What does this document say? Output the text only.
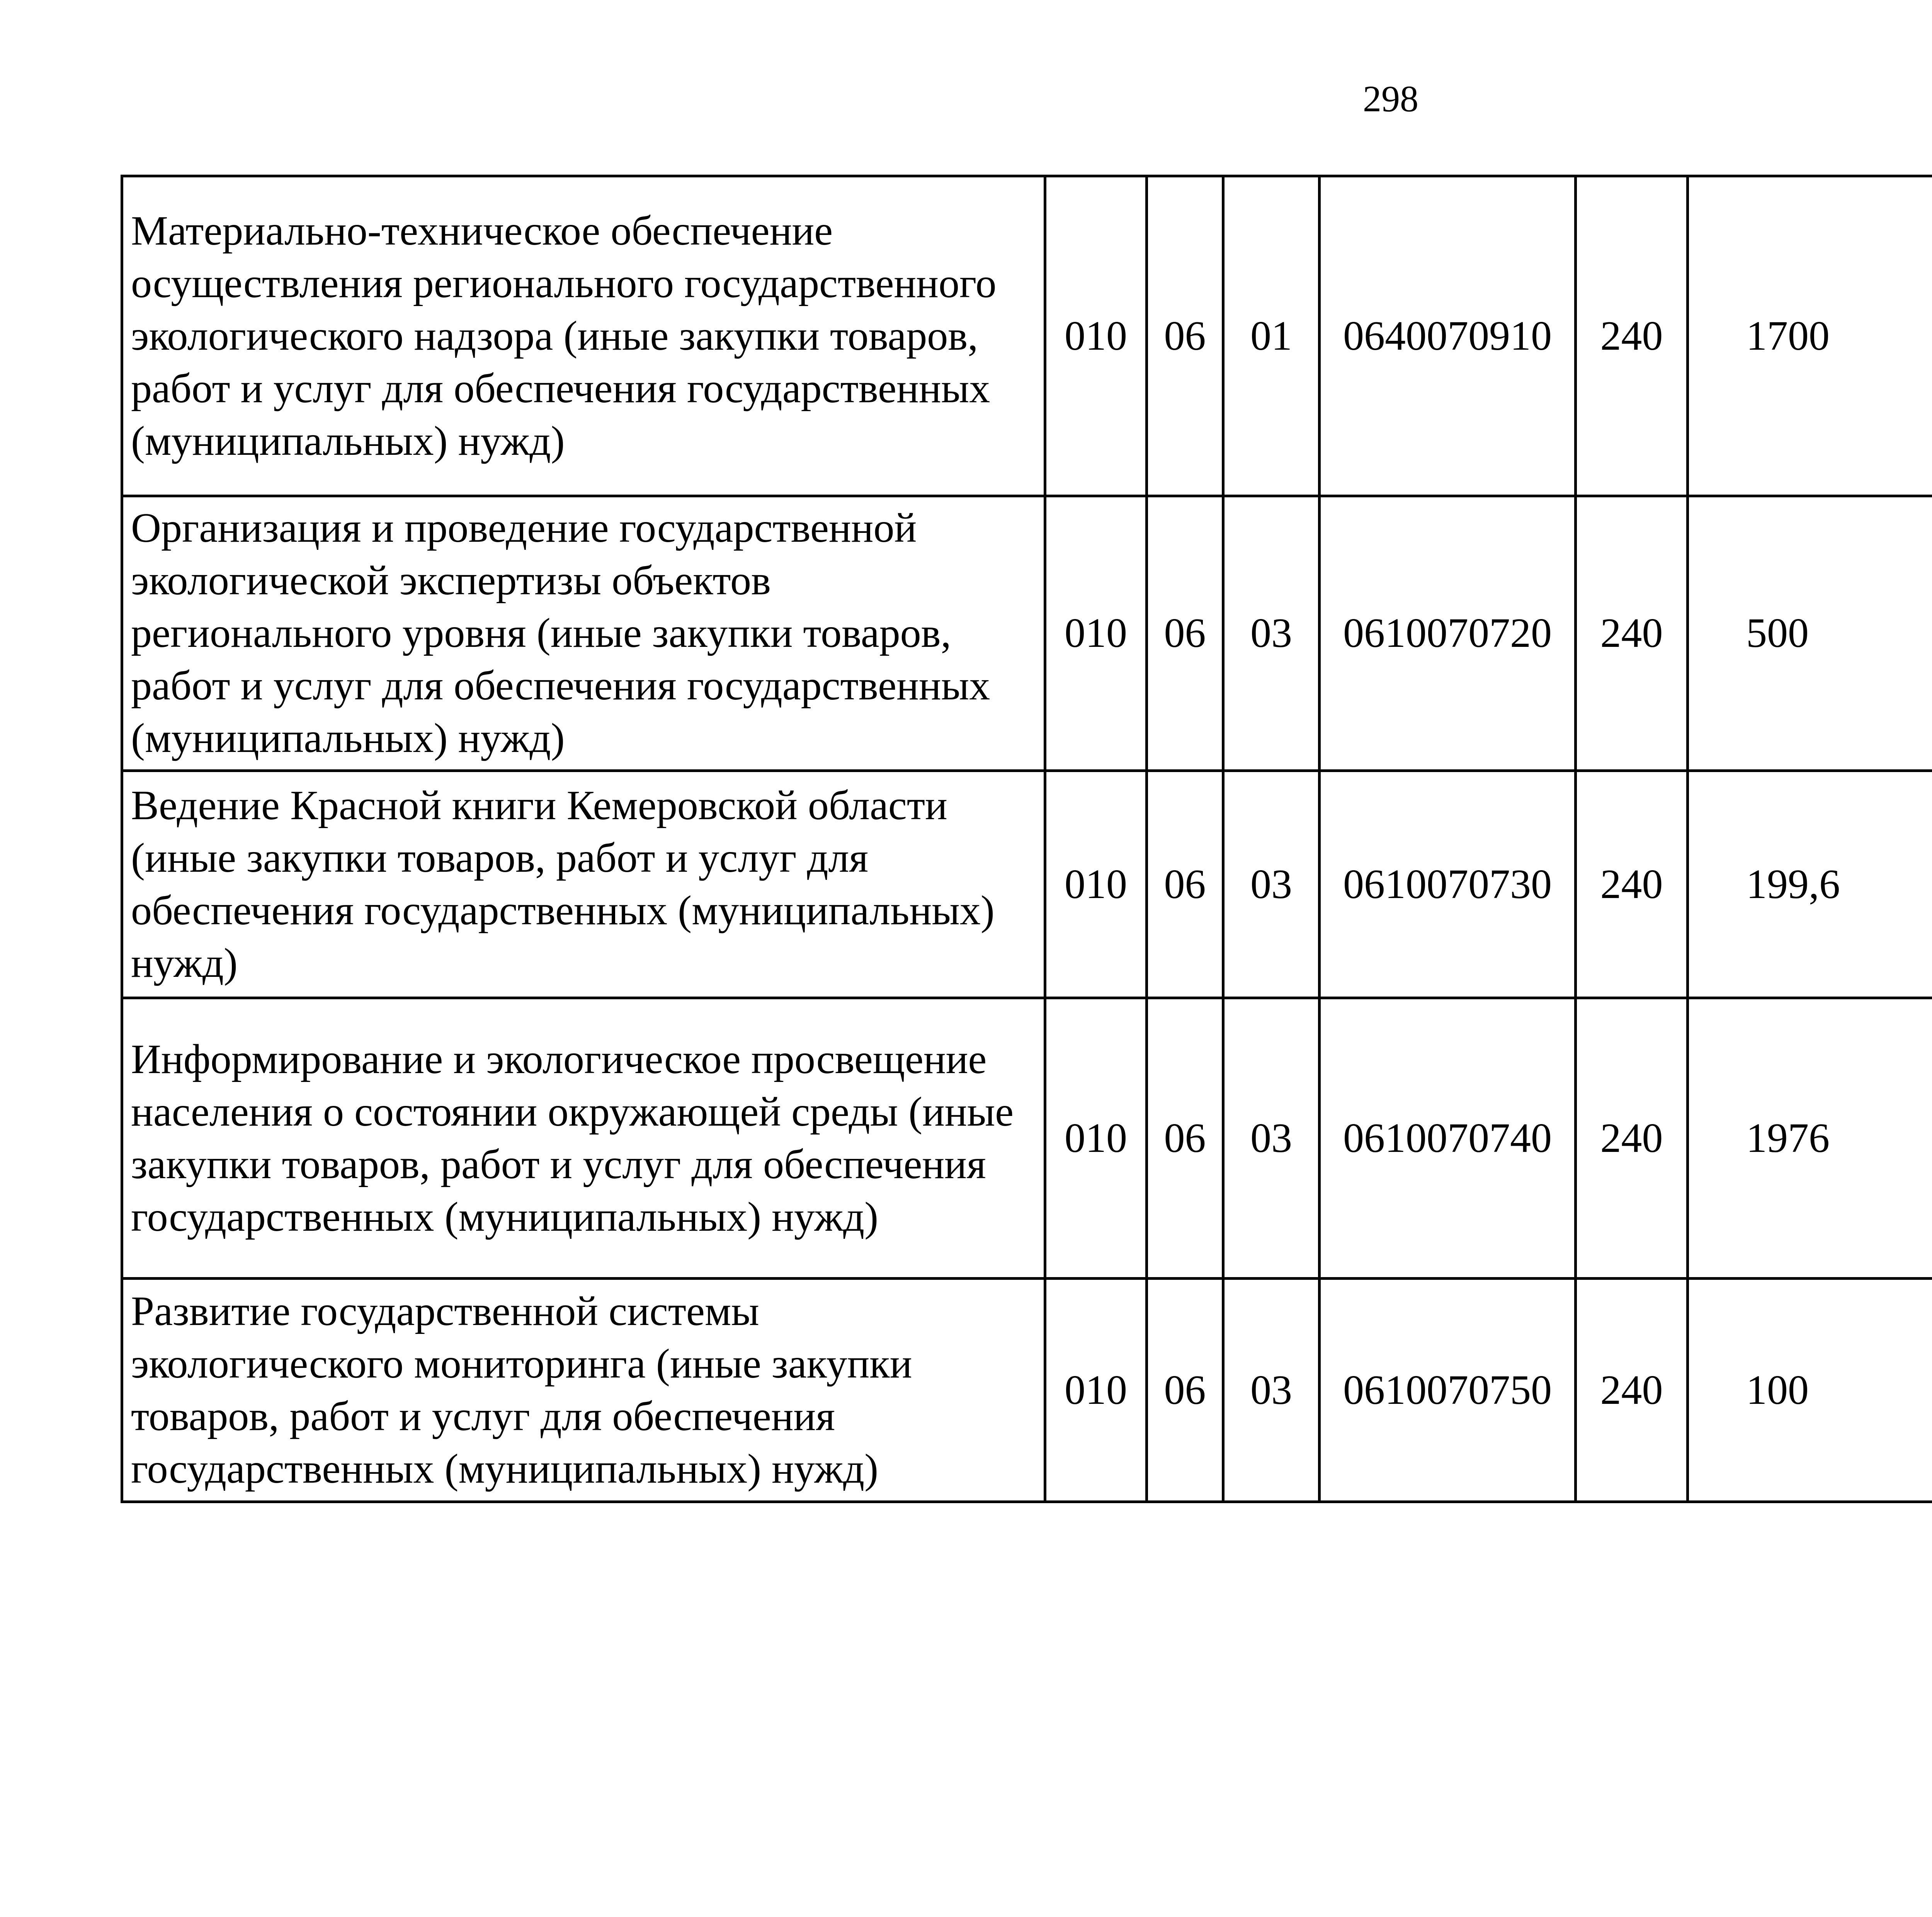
298
Материально-техническое обеспечение осуществления регионального государственного экологического надзора (иные закупки товаров, работ и услуг для обеспечения государственных (муниципальных) нужд)	010	06	01	0640070910	240	1700		
Организация и проведение государственной экологической экспертизы объектов регионального уровня (иные закупки товаров, работ и услуг для обеспечения государственных (муниципальных) нужд)	010	06	03	0610070720	240	500		
Ведение Красной книги Кемеровской области (иные закупки товаров, работ и услуг для обеспечения государственных (муниципальных) нужд)	010	06	03	0610070730	240	199,6		
Информирование и экологическое просвещение населения о состоянии окружающей среды (иные закупки товаров, работ и услуг для обеспечения государственных (муниципальных) нужд)	010	06	03	0610070740	240	1976		
Развитие государственной системы экологического мониторинга (иные закупки товаров, работ и услуг для обеспечения государственных (муниципальных) нужд)	010	06	03	0610070750	240	100		
